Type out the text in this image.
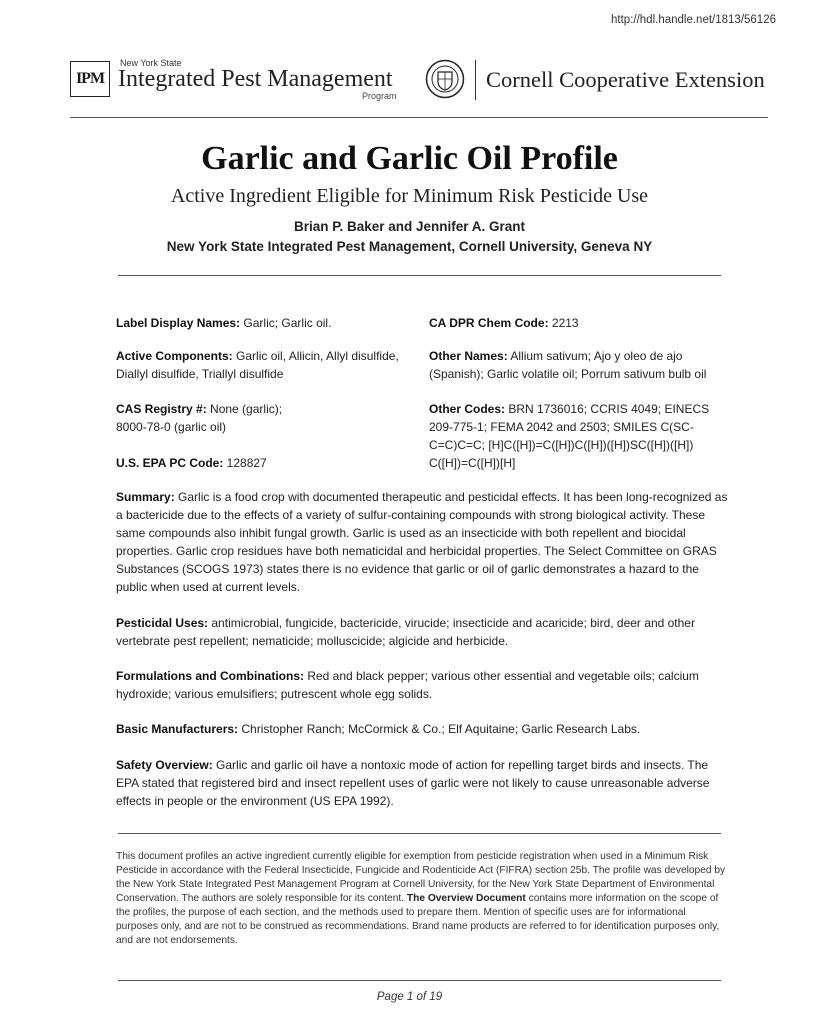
http://hdl.handle.net/1813/56126
IPM
New York State
Integrated Pest Management
Program
Cornell Cooperative Extension
Garlic and Garlic Oil Profile
Active Ingredient Eligible for Minimum Risk Pesticide Use
Brian P. Baker and Jennifer A. Grant
New York State Integrated Pest Management, Cornell University, Geneva NY
Label Display Names: Garlic; Garlic oil.	CA DPR Chem Code: 2213
Active Components: Garlic oil, Allicin, Allyl disulfide, Diallyl disulfide, Triallyl disulfide
Other Names: Allium sativum; Ajo y oleo de ajo (Spanish); Garlic volatile oil; Porrum sativum bulb oil
CAS Registry #: None (garlic); 8000-78-0 (garlic oil)
Other Codes: BRN 1736016; CCRIS 4049; EINECS 209-775-1; FEMA 2042 and 2503; SMILES C(SC-C=C)C=C; [H]C([H])=C([H])C([H])([H])SC([H])([H]) C([H])=C([H])[H]
U.S. EPA PC Code: 128827
Summary: Garlic is a food crop with documented therapeutic and pesticidal effects. It has been long-recognized as a bactericide due to the effects of a variety of sulfur-containing compounds with strong biological activity. These same compounds also inhibit fungal growth. Garlic is used as an insecticide with both repellent and biocidal properties. Garlic crop residues have both nematicidal and herbicidal properties. The Select Committee on GRAS Substances (SCOGS 1973) states there is no evidence that garlic or oil of garlic demonstrates a hazard to the public when used at current levels.
Pesticidal Uses: antimicrobial, fungicide, bactericide, virucide; insecticide and acaricide; bird, deer and other vertebrate pest repellent; nematicide; molluscicide; algicide and herbicide.
Formulations and Combinations: Red and black pepper; various other essential and vegetable oils; calcium hydroxide; various emulsifiers; putrescent whole egg solids.
Basic Manufacturers: Christopher Ranch; McCormick & Co.; Elf Aquitaine; Garlic Research Labs.
Safety Overview: Garlic and garlic oil have a nontoxic mode of action for repelling target birds and insects. The EPA stated that registered bird and insect repellent uses of garlic were not likely to cause unreasonable adverse effects in people or the environment (US EPA 1992).
This document profiles an active ingredient currently eligible for exemption from pesticide registration when used in a Minimum Risk Pesticide in accordance with the Federal Insecticide, Fungicide and Rodenticide Act (FIFRA) section 25b. The profile was developed by the New York State Integrated Pest Management Program at Cornell University, for the New York State Department of Environmental Conservation. The authors are solely responsible for its content. The Overview Document contains more information on the scope of the profiles, the purpose of each section, and the methods used to prepare them. Mention of specific uses are for informational purposes only, and are not to be construed as recommendations. Brand name products are referred to for identification purposes only, and are not endorsements.
Page 1 of 19
